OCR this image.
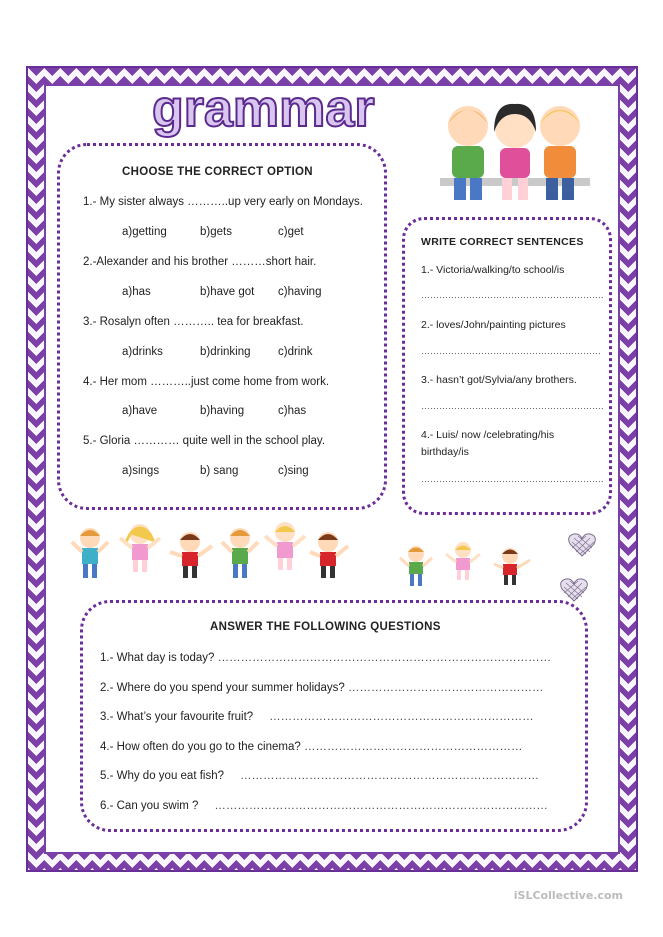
grammar
CHOOSE THE CORRECT OPTION
1.- My sister always ………..up very early on Mondays.
a)getting	b)gets	c)get
2.-Alexander and his brother ………short hair.
a)has	b)have got c)having
3.- Rosalyn often ……….. tea for breakfast.
a)drinks	b)drinking c)drink
4.- Her mom ………..just come home from work.
a)have	b)having	c)has
5.- Gloria ………… quite well in the school play.
a)sings	b) sang	c)sing
WRITE CORRECT SENTENCES
1.- Victoria/walking/to school/is
…………………………………………………….
2.- loves/John/painting pictures
……………………………………………………
3.- hasn’t got/Sylvia/any brothers.
…………………………………………………….
4.- Luis/ now /celebrating/his
birthday/is
…………………………………………………….
ANSWER THE FOLLOWING QUESTIONS
1.- What day is today? ……………………………………………………………………………
2.- Where do you spend your summer holidays? ……………………………………………
3.- What’s your favourite fruit? ……………………………………………………………
4.- How often do you go to the cinema? …………………………………………………
5.- Why do you eat fish? ……………………………………………………………………
6.- Can you swim ? ……………………………………………………………………………
iSLCollective.com
